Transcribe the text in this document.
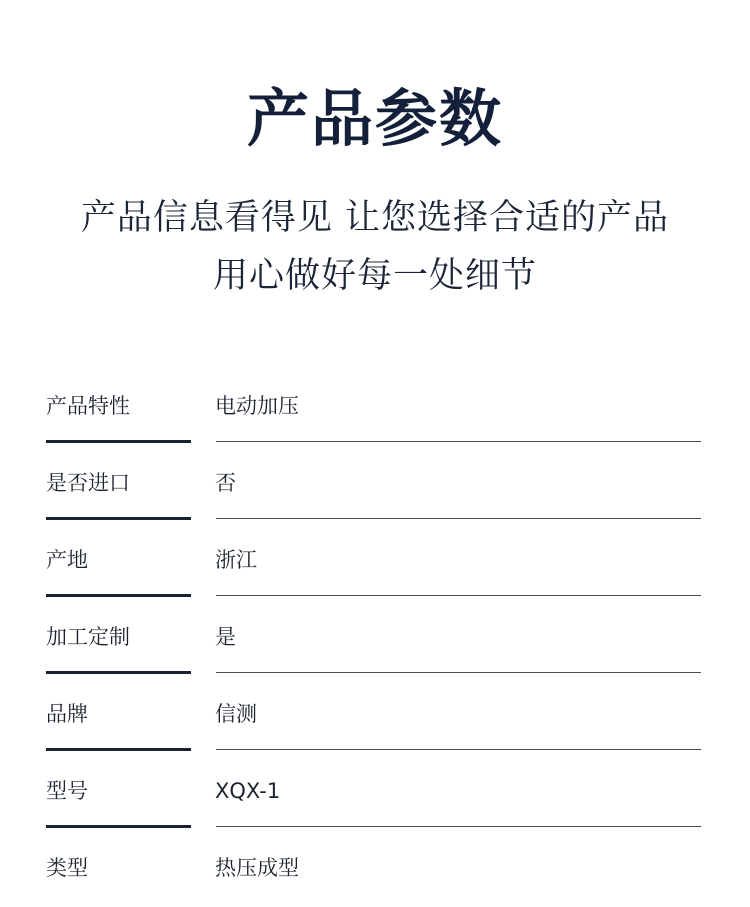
产品参数
产品信息看得见 让您选择合适的产品
用心做好每一处细节
产品特性	电动加压
是否进口	否
产地	浙江
加工定制	是
品牌	信测
型号	XQX-1
类型	热压成型
